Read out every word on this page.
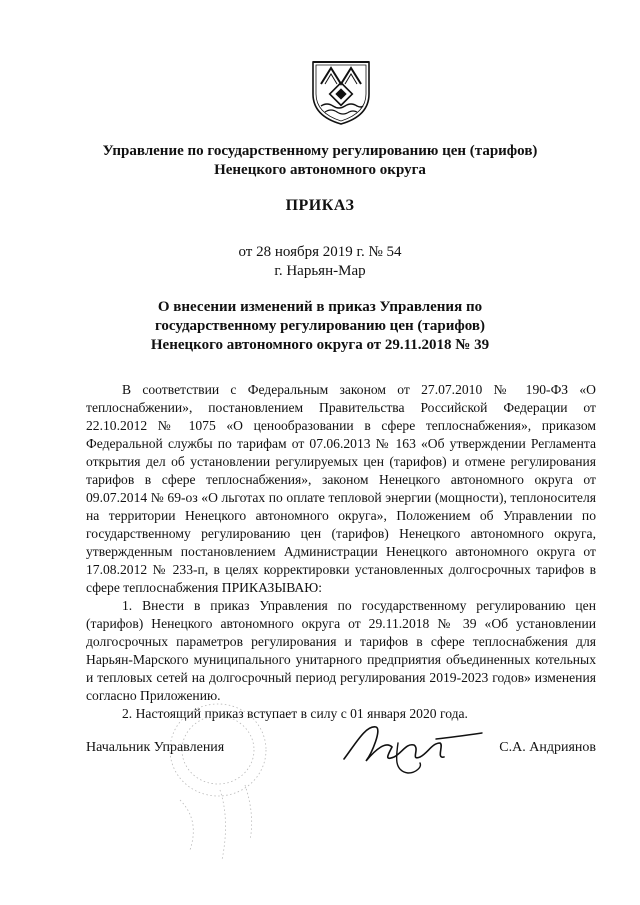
Управление по государственному регулированию цен (тарифов)
Ненецкого автономного округа
ПРИКАЗ
от 28 ноября 2019 г. № 54
г. Нарьян-Мар
О внесении изменений в приказ Управления по
государственному регулированию цен (тарифов)
Ненецкого автономного округа от 29.11.2018 № 39

В соответствии с Федеральным законом от 27.07.2010 № 190-ФЗ «О теплоснабжении», постановлением Правительства Российской Федерации от 22.10.2012 № 1075 «О ценообразовании в сфере теплоснабжения», приказом Федеральной службы по тарифам от 07.06.2013 № 163 «Об утверждении Регламента открытия дел об установлении регулируемых цен (тарифов) и отмене регулирования тарифов в сфере теплоснабжения», законом Ненецкого автономного округа от 09.07.2014 № 69-оз «О льготах по оплате тепловой энергии (мощности), теплоносителя на территории Ненецкого автономного округа», Положением об Управлении по государственному регулированию цен (тарифов) Ненецкого автономного округа, утвержденным постановлением Администрации Ненецкого автономного округа от 17.08.2012 № 233-п, в целях корректировки установленных долгосрочных тарифов в сфере теплоснабжения ПРИКАЗЫВАЮ:

1. Внести в приказ Управления по государственному регулированию цен (тарифов) Ненецкого автономного округа от 29.11.2018 № 39 «Об установлении долгосрочных параметров регулирования и тарифов в сфере теплоснабжения для Нарьян-Марского муниципального унитарного предприятия объединенных котельных и тепловых сетей на долгосрочный период регулирования 2019-2023 годов» изменения согласно Приложению.

2. Настоящий приказ вступает в силу с 01 января 2020 года.

Начальник Управления	С.А. Андриянов
